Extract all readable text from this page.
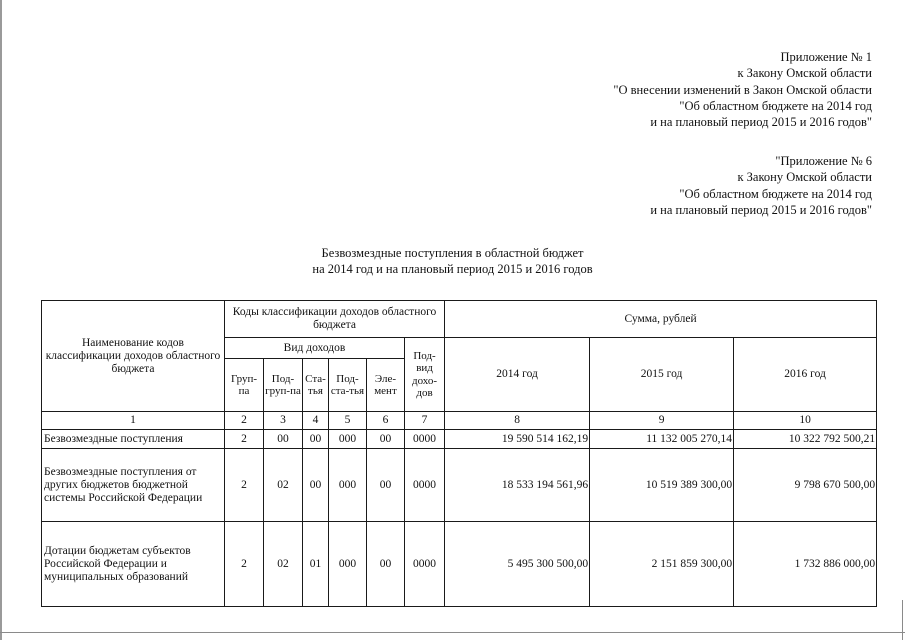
Приложение № 1
к Закону Омской области
"О внесении изменений в Закон Омской области
"Об областном бюджете на 2014 год
и на плановый период 2015 и 2016 годов"
"Приложение № 6
к Закону Омской области
"Об областном бюджете на 2014 год
и на плановый период 2015 и 2016 годов"
Безвозмездные поступления в областной бюджет
на 2014 год и на плановый период 2015 и 2016 годов
Наименование кодов классификации доходов областного бюджета	Коды классификации доходов областного бюджета						Сумма, рублей		
	Вид доходов					Под-вид дохо-дов	2014 год	2015 год	2016 год
	Груп-па	Под-груп-па	Ста-тья	Под-ста-тья	Эле-мент				
1	2	3	4	5	6	7	8	9	10
Безвозмездные поступления	2	00	00	000	00	0000	19 590 514 162,19	11 132 005 270,14	10 322 792 500,21
Безвозмездные поступления от других бюджетов бюджетной системы Российской Федерации	2	02	00	000	00	0000	18 533 194 561,96	10 519 389 300,00	9 798 670 500,00
Дотации бюджетам субъектов Российской Федерации и муниципальных образований	2	02	01	000	00	0000	5 495 300 500,00	2 151 859 300,00	1 732 886 000,00
